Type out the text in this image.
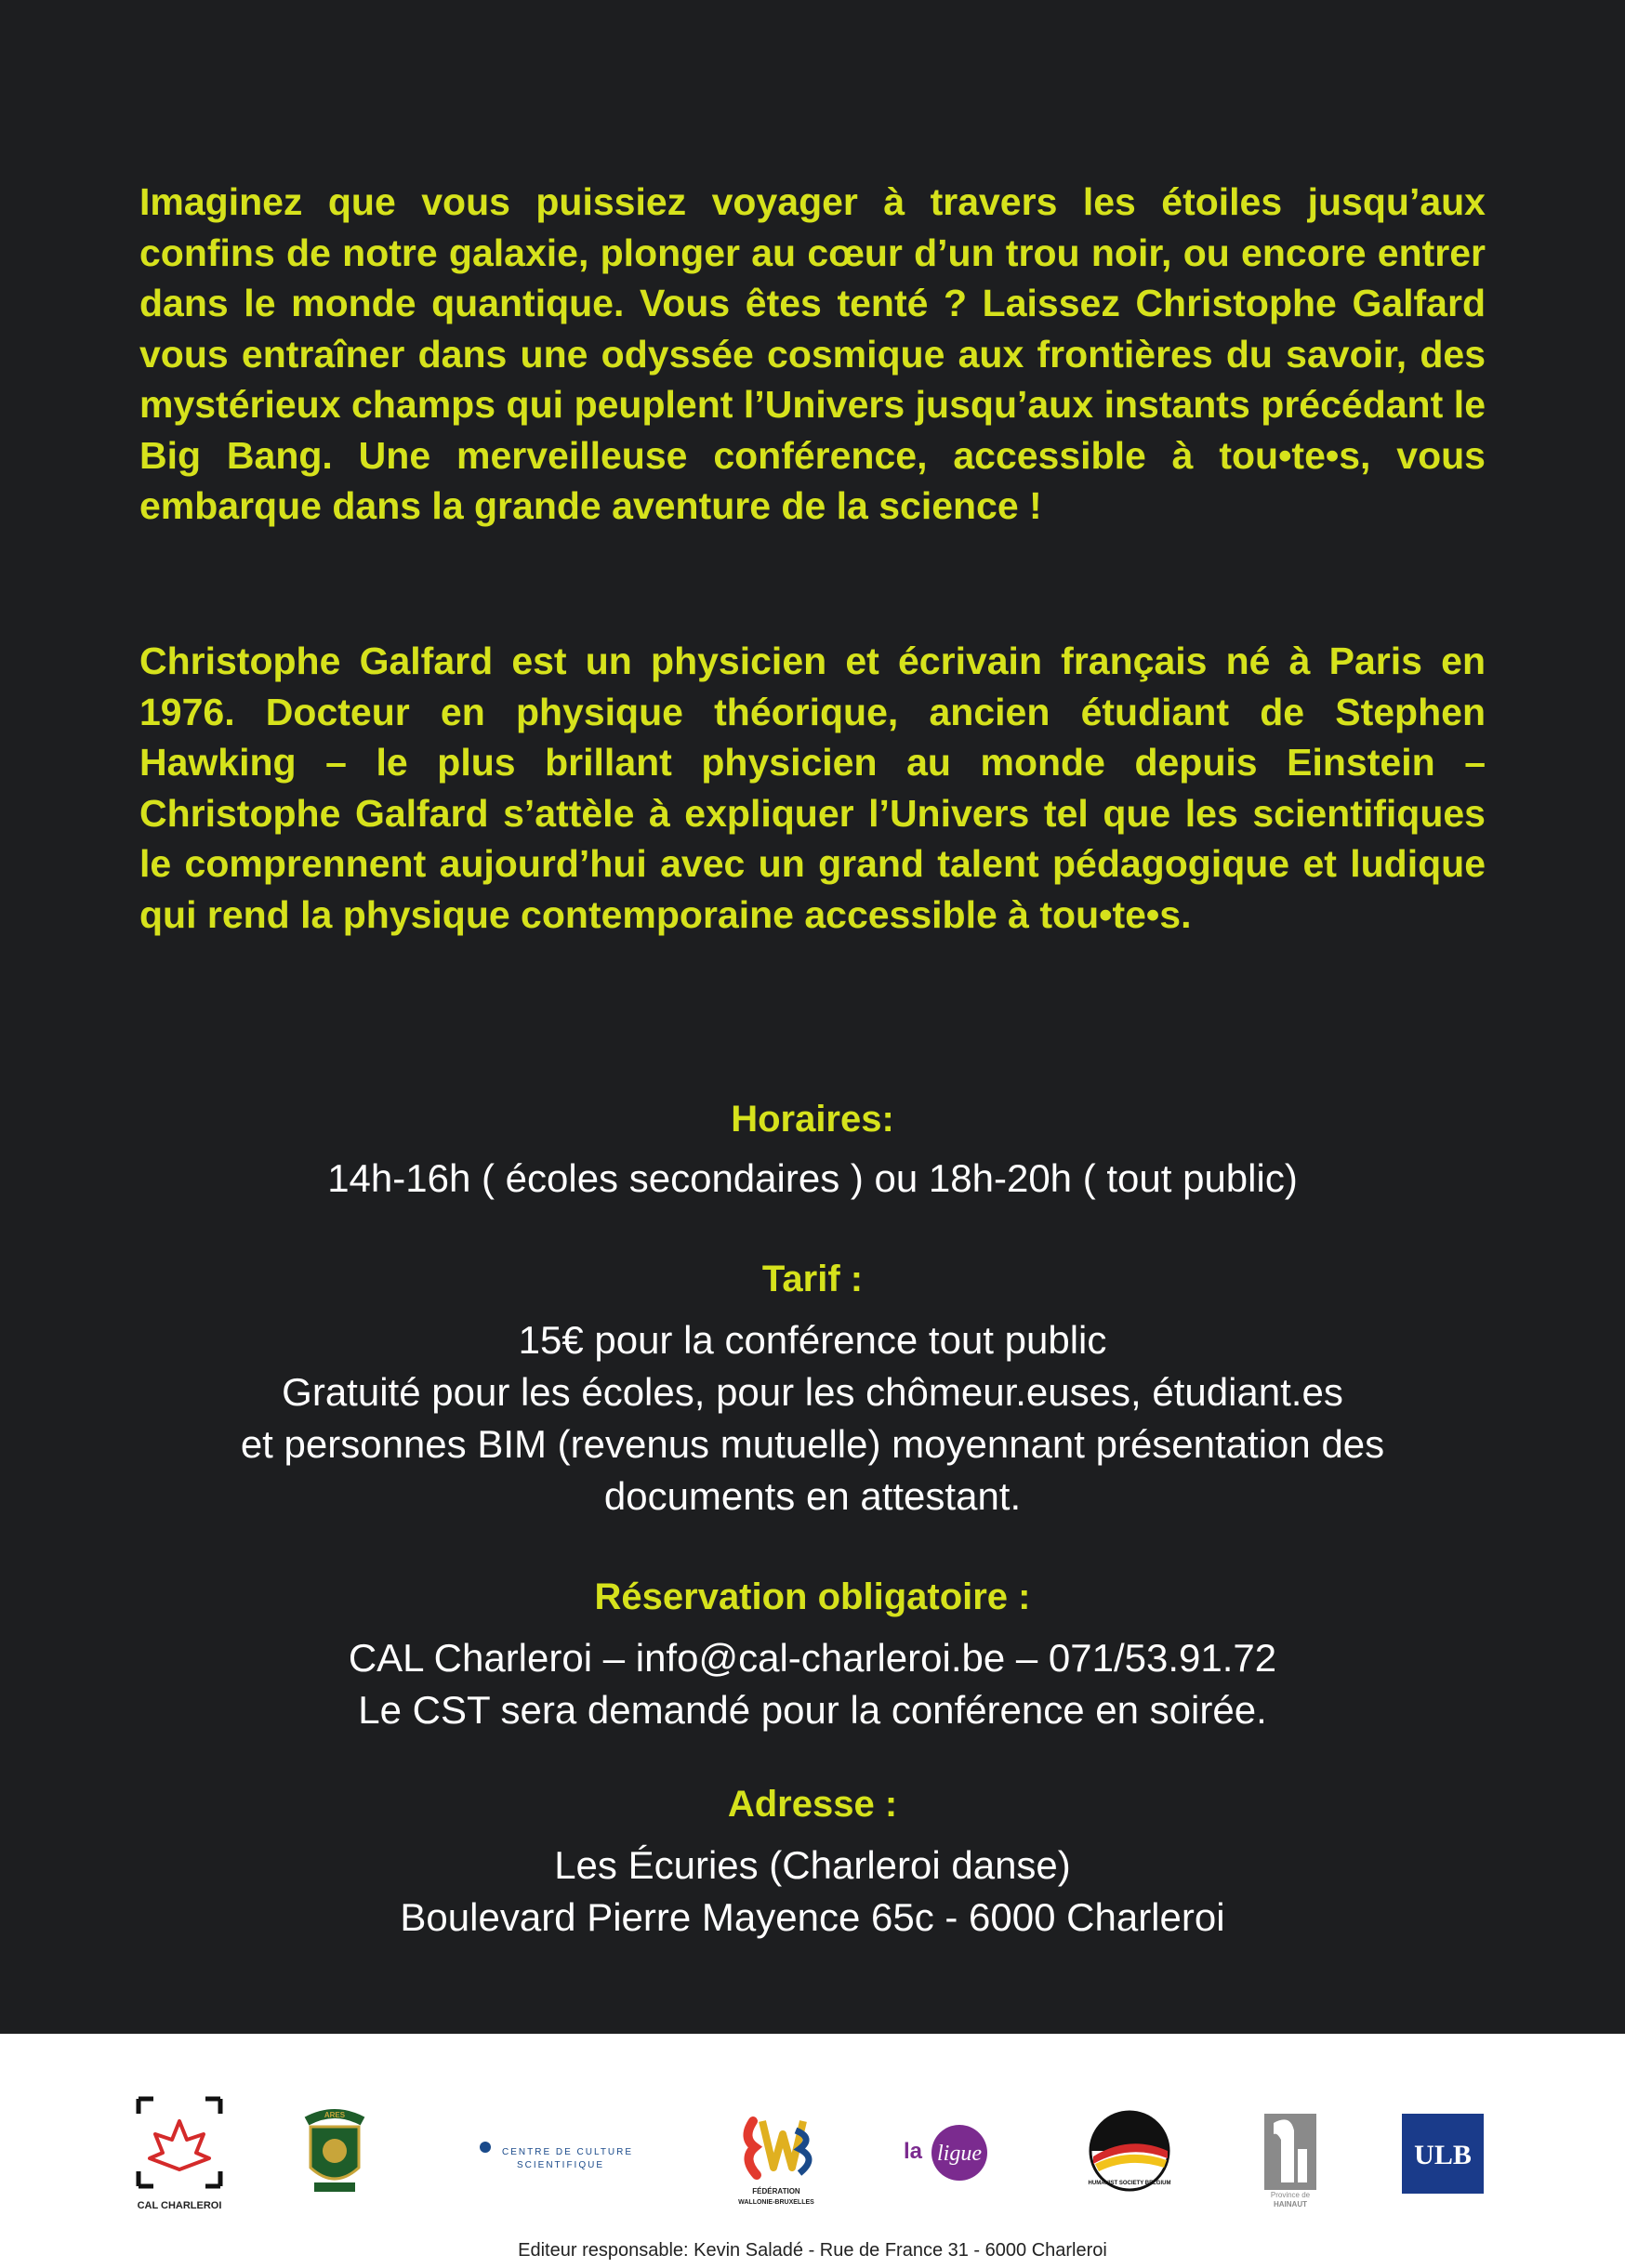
Imaginez que vous puissiez voyager à travers les étoiles jusqu’aux confins de notre galaxie, plonger au cœur d’un trou noir, ou encore entrer dans le monde quantique. Vous êtes tenté ? Laissez Christophe Galfard vous entraîner dans une odyssée cosmique aux frontières du savoir, des mystérieux champs qui peuplent l’Univers jusqu’aux instants précédant le Big Bang. Une merveilleuse conférence, accessible à tou•te•s, vous embarque dans la grande aventure de la science !

Christophe Galfard est un physicien et écrivain français né à Paris en 1976. Docteur en physique théorique, ancien étudiant de Stephen Hawking – le plus brillant physicien au monde depuis Einstein – Christophe Galfard s’attèle à expliquer l’Univers tel que les scientifiques le comprennent aujourd’hui avec un grand talent pédagogique et ludique qui rend la physique contemporaine accessible à tou•te•s.

Horaires:
14h-16h ( écoles secondaires ) ou 18h-20h ( tout public)
Tarif :
15€ pour la conférence tout public
Gratuité pour les écoles, pour les chômeur.euses, étudiant.es
et personnes BIM (revenus mutuelle) moyennant présentation des
documents en attestant.
Réservation obligatoire :
CAL Charleroi – info@cal-charleroi.be – 071/53.91.72
Le CST sera demandé pour la conférence en soirée.
Adresse :
Les Écuries (Charleroi danse)
Boulevard Pierre Mayence 65c - 6000 Charleroi
CAL CHARLEROI
ARES
CENTRE DE CULTURE
SCIENTIFIQUE
FÉDÉRATION
WALLONIE-BRUXELLES
la ligue
HUMANIST SOCIETY BELGIUM
Province de
HAINAUT
ULB
Editeur responsable: Kevin Saladé - Rue de France 31 - 6000 Charleroi
